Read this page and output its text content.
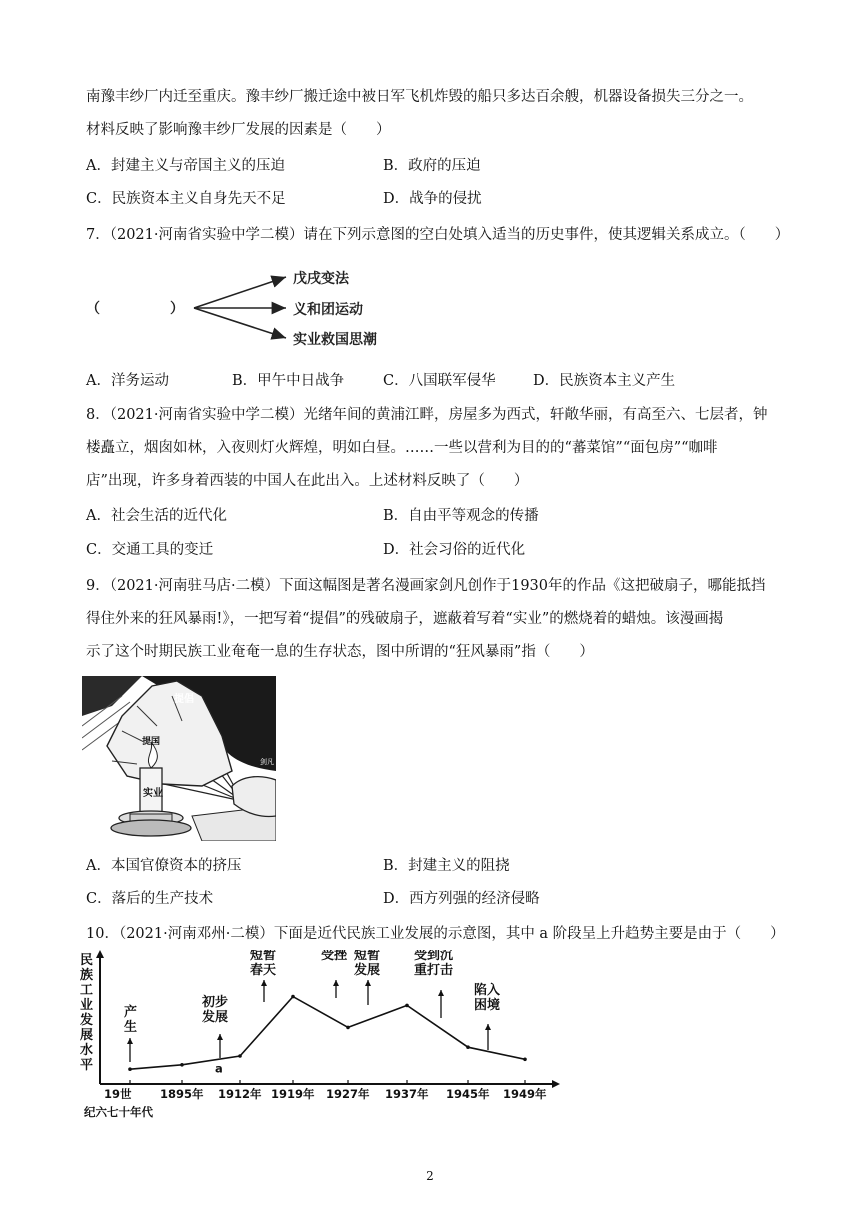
南豫丰纱厂内迁至重庆。豫丰纱厂搬迁途中被日军飞机炸毁的船只多达百余艘，机器设备损失三分之一。
材料反映了影响豫丰纱厂发展的因素是（　　）
A．封建主义与帝国主义的压迫	B．政府的压迫
C．民族资本主义自身先天不足	D．战争的侵扰
7．（2021·河南省实验中学二模）请在下列示意图的空白处填入适当的历史事件，使其逻辑关系成立。（　　）
（　　　　　）
戊戌变法
义和团运动
实业救国思潮
A．洋务运动	B．甲午中日战争	C．八国联军侵华	D．民族资本主义产生
8．（2021·河南省实验中学二模）光绪年间的黄浦江畔，房屋多为西式，轩敞华丽，有高至六、七层者，钟
楼矗立，烟囱如林，入夜则灯火辉煌，明如白昼。……一些以营利为目的的“蕃菜馆”“面包房”“咖啡
店”出现，许多身着西装的中国人在此出入。上述材料反映了（　　）
A．社会生活的近代化	B．自由平等观念的传播
C．交通工具的变迁	D．社会习俗的近代化
9．（2021·河南驻马店·二模）下面这幅图是著名漫画家剑凡创作于1930年的作品《这把破扇子，哪能抵挡
得住外来的狂风暴雨!》，一把写着“提倡”的残破扇子，遮蔽着写着“实业”的燃烧着的蜡烛。该漫画揭
示了这个时期民族工业奄奄一息的生存状态，图中所谓的“狂风暴雨”指（　　）
提倡
提国
实业
剑凡
A．本国官僚资本的挤压	B．封建主义的阻挠
C．落后的生产技术	D．西方列强的经济侵略
10．（2021·河南邓州·二模）下面是近代民族工业发展的示意图，其中 a 阶段呈上升趋势主要是由于（　　）
民
族
工
业
发
展
水
平	a
19世
纪六七十年代
1895年 1912年 1919年 1927年 1937年 1945年 1949年
产
生
初步
发展
短暂
春天
受挫 短暂
发展
受到沉
重打击
陷入
困境
2
